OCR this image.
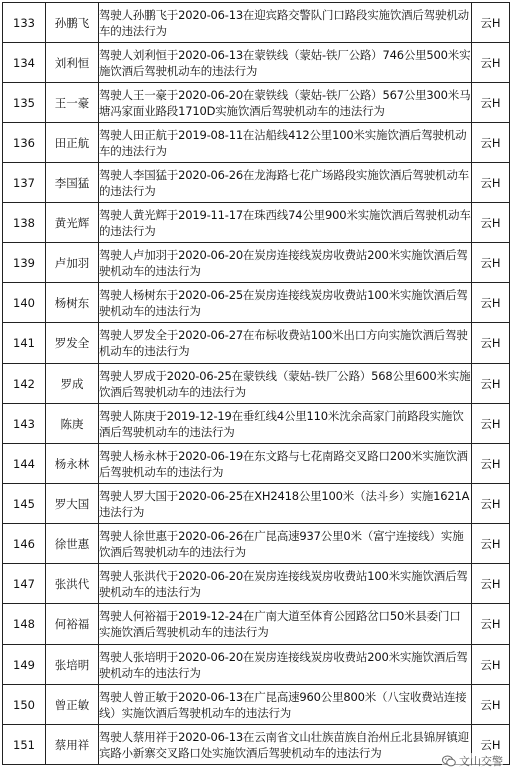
133	孙鹏飞	驾驶人孙鹏飞于2020-06-13在迎宾路交警队门口路段实施饮酒后驾驶机动车的违法行为	云H
134	刘利恒	驾驶人刘利恒于2020-06-13在蒙铁线（蒙姑-铁厂公路）746公里500米实施饮酒后驾驶机动车的违法行为	云H
135	王一豪	驾驶人王一豪于2020-06-20在蒙铁线（蒙姑-铁厂公路）567公里300米马塘冯家面业路段1710D实施饮酒后驾驶机动车的违法行为	云H
136	田正航	驾驶人田正航于2019-08-11在沾船线412公里100米实施饮酒后驾驶机动车的违法行为	云H
137	李国猛	驾驶人李国猛于2020-06-26在龙海路七花广场路段实施饮酒后驾驶机动车的违法行为	云H
138	黄光辉	驾驶人黄光辉于2019-11-17在珠西线74公里900米实施饮酒后驾驶机动车的违法行为	云H
139	卢加羽	驾驶人卢加羽于2020-06-20在炭房连接线炭房收费站200米实施饮酒后驾驶机动车的违法行为	云H
140	杨树东	驾驶人杨树东于2020-06-25在炭房连接线炭房收费站100米实施饮酒后驾驶机动车的违法行为	云H
141	罗发全	驾驶人罗发全于2020-06-27在布标收费站100米出口方向实施饮酒后驾驶机动车的违法行为	云H
142	罗成	驾驶人罗成于2020-06-25在蒙铁线（蒙姑-铁厂公路）568公里600米实施饮酒后驾驶机动车的违法行为	云H
143	陈庚	驾驶人陈庚于2019-12-19在垂红线4公里110米沈余高家门前路段实施饮酒后驾驶机动车的违法行为	云H
144	杨永林	驾驶人杨永林于2020-06-19在东文路与七花南路交叉路口200米实施饮酒后驾驶机动车的违法行为	云H
145	罗大国	驾驶人罗大国于2020-06-25在XH2418公里100米（法斗乡）实施1621A违法行为	云H
146	徐世惠	驾驶人徐世惠于2020-06-26在广昆高速937公里0米（富宁连接线）实施饮酒后驾驶机动车的违法行为	云H
147	张洪代	驾驶人张洪代于2020-06-20在炭房连接线炭房收费站100米实施饮酒后驾驶机动车的违法行为	云H
148	何裕福	驾驶人何裕福于2019-12-24在广南大道至体育公园路岔口50米县委门口实施饮酒后驾驶机动车的违法行为	云H
149	张培明	驾驶人张培明于2020-06-20在炭房连接线炭房收费站200米实施饮酒后驾驶机动车的违法行为	云H
150	曾正敏	驾驶人曾正敏于2020-06-13在广昆高速960公里800米（八宝收费站连接线）实施饮酒后驾驶机动车的违法行为	云H
151	蔡用祥	驾驶人蔡用祥于2020-06-13在云南省文山壮族苗族自治州丘北县锦屏镇迎宾路小新寨交叉路口处实施饮酒后驾驶机动车的违法行为	云H
文山交警
